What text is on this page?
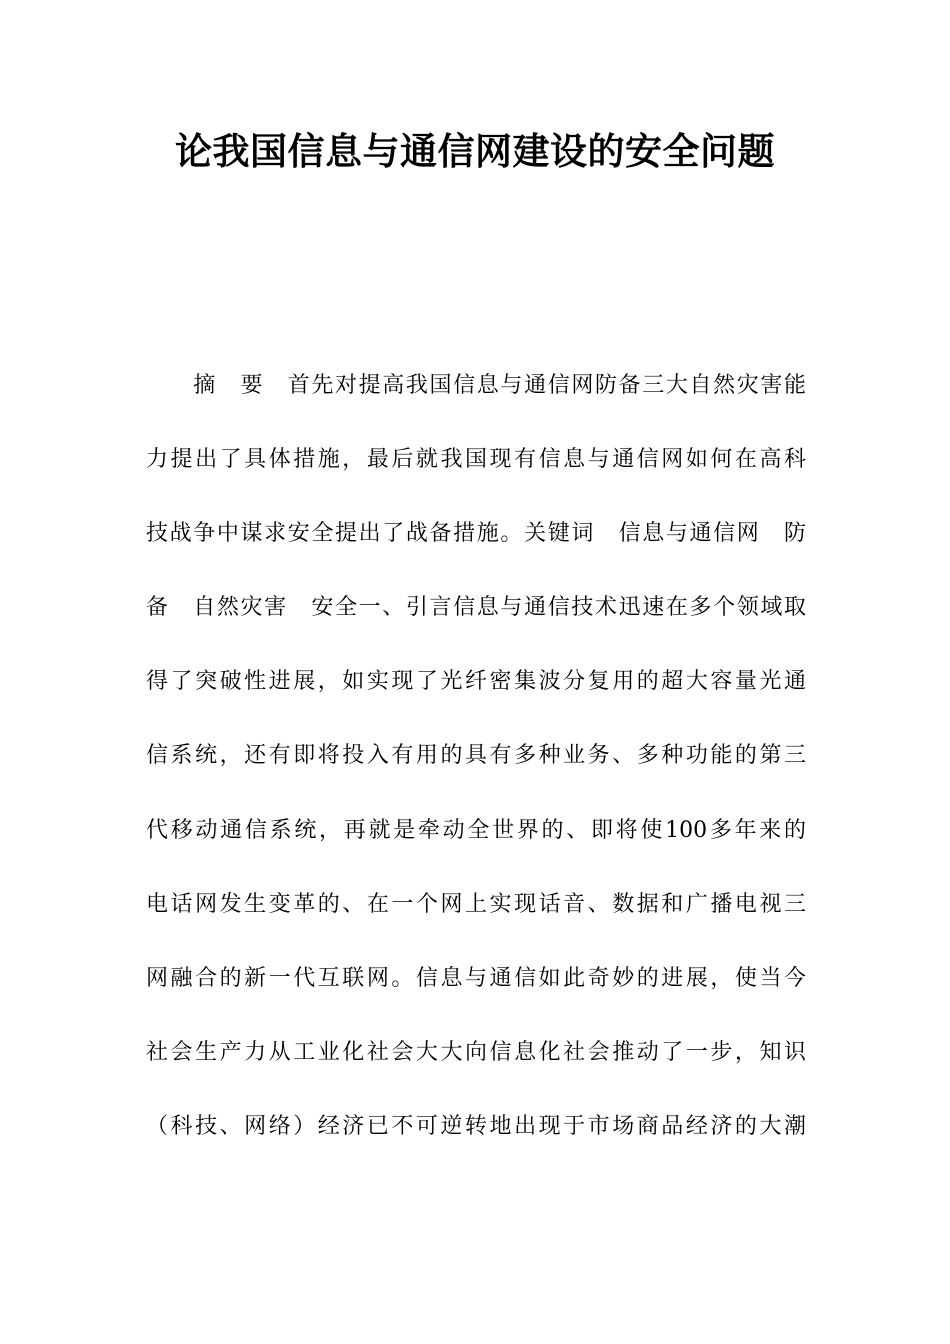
论我国信息与通信网建设的安全问题
　　摘　要　首先对提高我国信息与通信网防备三大自然灾害能
力提出了具体措施，最后就我国现有信息与通信网如何在高科
技战争中谋求安全提出了战备措施。关键词　信息与通信网　防
备　自然灾害　安全一、引言信息与通信技术迅速在多个领域取
得了突破性进展，如实现了光纤密集波分复用的超大容量光通
信系统，还有即将投入有用的具有多种业务、多种功能的第三
代移动通信系统，再就是牵动全世界的、即将使100多年来的
电话网发生变革的、在一个网上实现话音、数据和广播电视三
网融合的新一代互联网。信息与通信如此奇妙的进展，使当今
社会生产力从工业化社会大大向信息化社会推动了一步，知识
（科技、网络）经济已不可逆转地出现于市场商品经济的大潮
